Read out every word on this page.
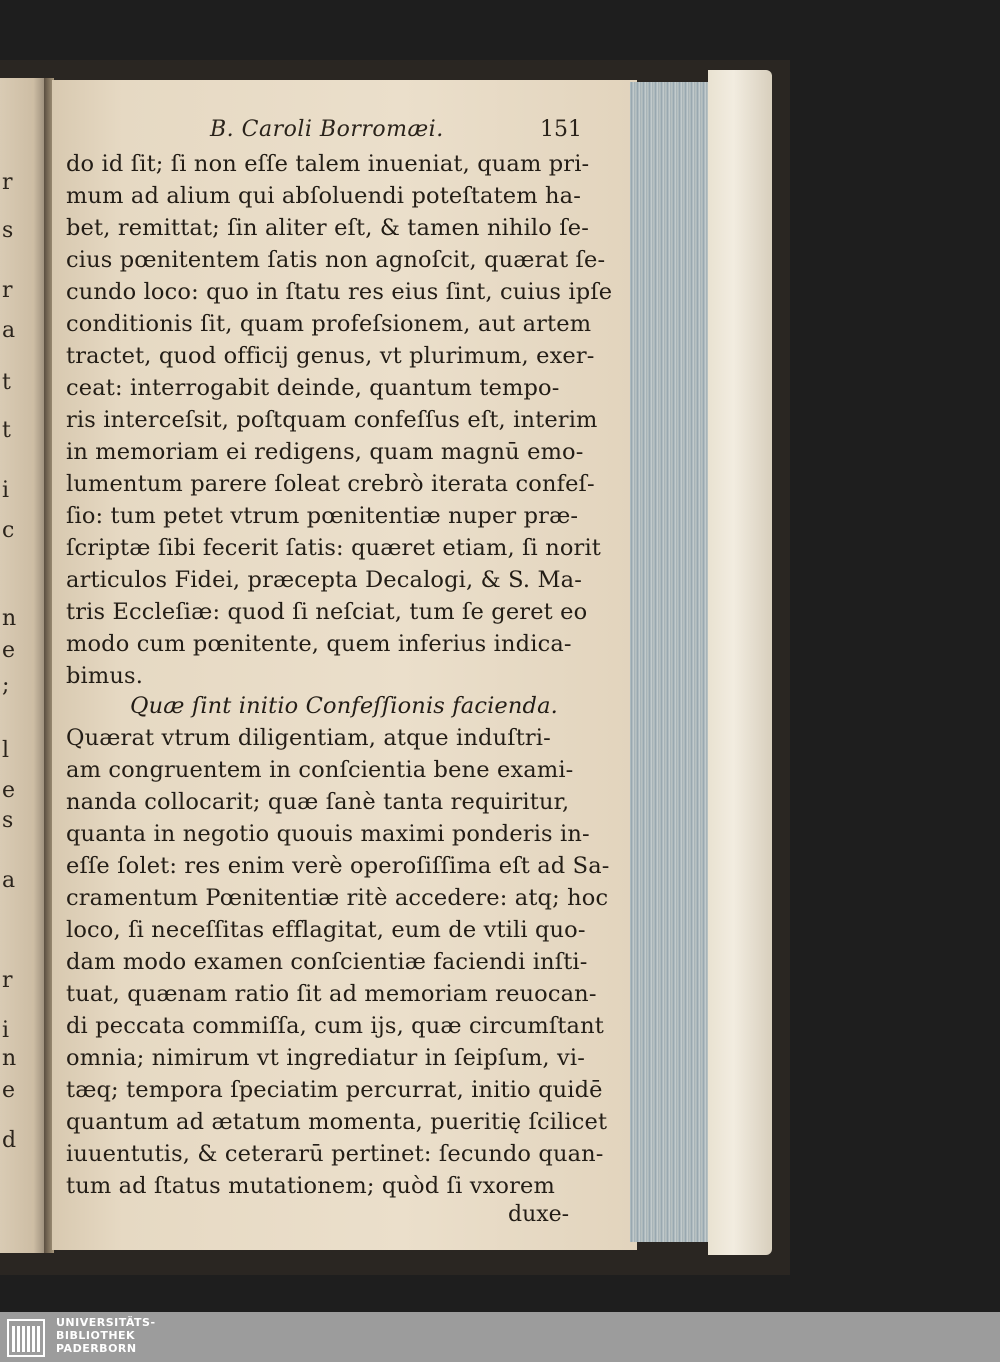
r
s
r
a
t
t
i
c
n
e
;
l
e
s
a
r
i
n
e
d
B. Caroli Borromæi.	151
do id ſit; ſi non eſſe talem inueniat, quam pri-
mum ad alium qui abſoluendi poteſtatem ha-
bet, remittat; ſin aliter eſt, & tamen nihilo ſe-
cius pœnitentem ſatis non agnoſcit, quærat ſe-
cundo loco: quo in ſtatu res eius ſint, cuius ipſe
conditionis ſit, quam profeſsionem, aut artem
tractet, quod officij genus, vt plurimum, exer-
ceat: interrogabit deinde, quantum tempo-
ris interceſsit, poſtquam confeſſus eſt, interim
in memoriam ei redigens, quam magnū emo-
lumentum parere ſoleat crebrò iterata confeſ-
ſio: tum petet vtrum pœnitentiæ nuper præ-
ſcriptæ ſibi fecerit ſatis: quæret etiam, ſi norit
articulos Fidei, præcepta Decalogi, & S. Ma-
tris Eccleſiæ: quod ſi neſciat, tum ſe geret eo
modo cum pœnitente, quem inferius indica-
bimus.
Quæ ſint initio Confeſſionis facienda.
Quærat vtrum diligentiam, atque induſtri-
am congruentem in conſcientia bene exami-
nanda collocarit; quæ ſanè tanta requiritur,
quanta in negotio quouis maximi ponderis in-
eſſe ſolet: res enim verè operoſiſſima eſt ad Sa-
cramentum Pœnitentiæ ritè accedere: atq; hoc
loco, ſi neceſſitas efflagitat, eum de vtili quo-
dam modo examen conſcientiæ faciendi inſti-
tuat, quænam ratio ſit ad memoriam reuocan-
di peccata commiſſa, cum ijs, quæ circumſtant
omnia; nimirum vt ingrediatur in ſeipſum, vi-
tæq; tempora ſpeciatim percurrat, initio quidē
quantum ad ætatum momenta, pueritię ſcilicet
iuuentutis, & ceterarū pertinet: ſecundo quan-
tum ad ſtatus mutationem; quòd ſi vxorem
duxe-
UNIVERSITÄTS-
BIBLIOTHEK
PADERBORN
